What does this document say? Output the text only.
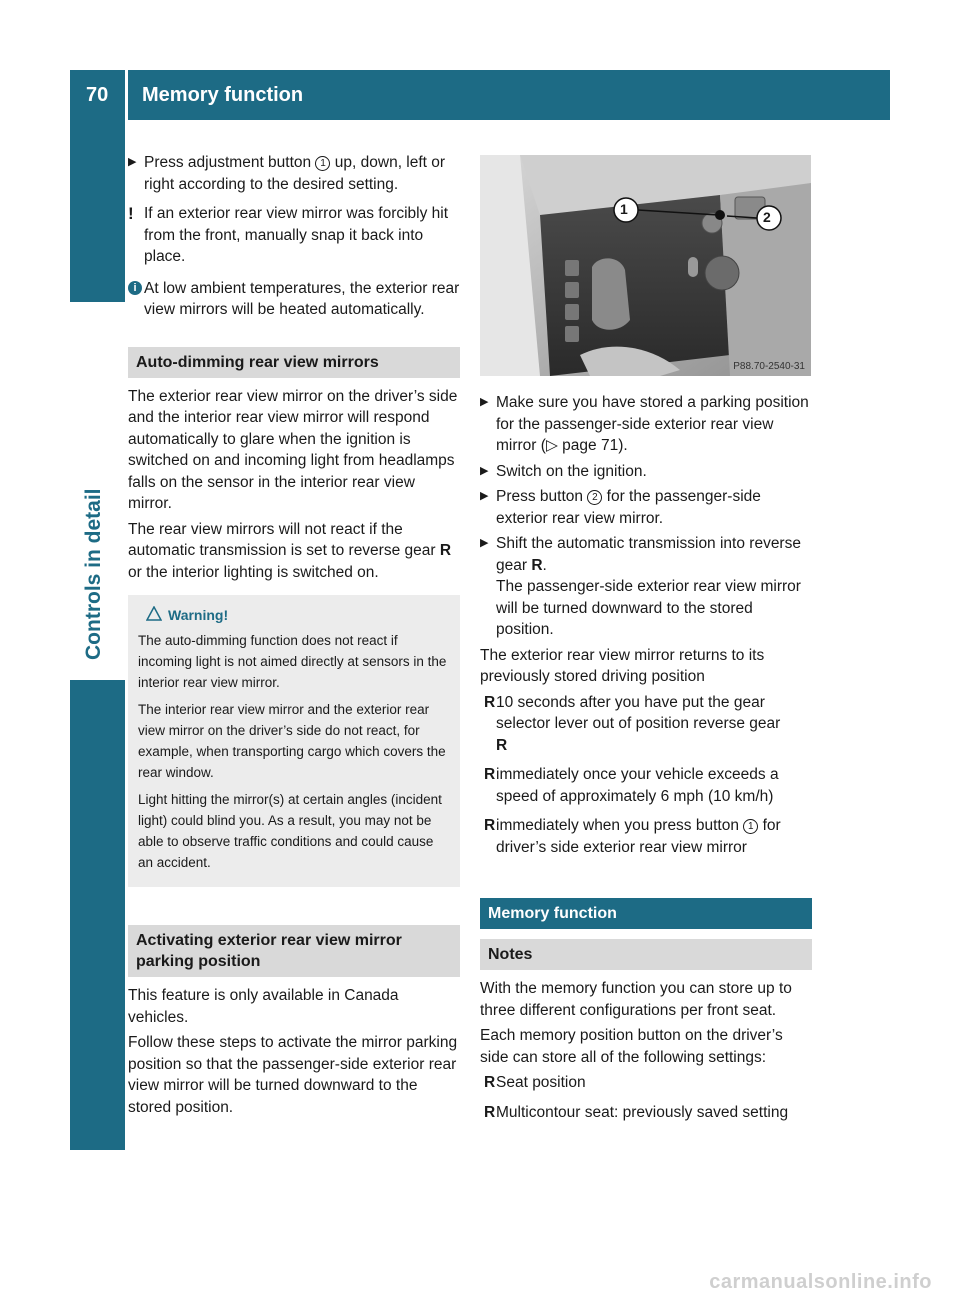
70	Memory function
Controls in detail
▶ Press adjustment button 1 up, down, left or right according to the desired setting.
! If an exterior rear view mirror was forcibly hit from the front, manually snap it back into place.
i At low ambient temperatures, the exterior rear view mirrors will be heated automatically.
Auto-dimming rear view mirrors

The exterior rear view mirror on the driver’s side and the interior rear view mirror will respond automatically to glare when the ignition is switched on and incoming light from headlamps falls on the sensor in the interior rear view mirror.

The rear view mirrors will not react if the automatic transmission is set to reverse gear R or the interior lighting is switched on.

Warning!

The auto-dimming function does not react if incoming light is not aimed directly at sensors in the interior rear view mirror.

The interior rear view mirror and the exterior rear view mirror on the driver’s side do not react, for example, when transporting cargo which covers the rear window.

Light hitting the mirror(s) at certain angles (incident light) could blind you. As a result, you may not be able to observe traffic conditions and could cause an accident.

Activating exterior rear view mirror parking position

This feature is only available in Canada vehicles.

Follow these steps to activate the mirror parking position so that the passenger-side exterior rear view mirror will be turned downward to the stored position.

1	2
P88.70-2540-31
▶ Make sure you have stored a parking position for the passenger-side exterior rear view mirror (▷ page 71).
▶ Switch on the ignition.
▶ Press button 2 for the passenger-side exterior rear view mirror.
▶ Shift the automatic transmission into reverse gear R.
The passenger-side exterior rear view mirror will be turned downward to the stored position.

The exterior rear view mirror returns to its previously stored driving position

R 10 seconds after you have put the gear selector lever out of position reverse gear
R
R immediately once your vehicle exceeds a speed of approximately 6 mph (10 km/h)
R immediately when you press button 1 for driver’s side exterior rear view mirror
Memory function
Notes

With the memory function you can store up to three different configurations per front seat.

Each memory position button on the driver’s side can store all of the following settings:

R Seat position
R Multicontour seat: previously saved setting
carmanualsonline.info
